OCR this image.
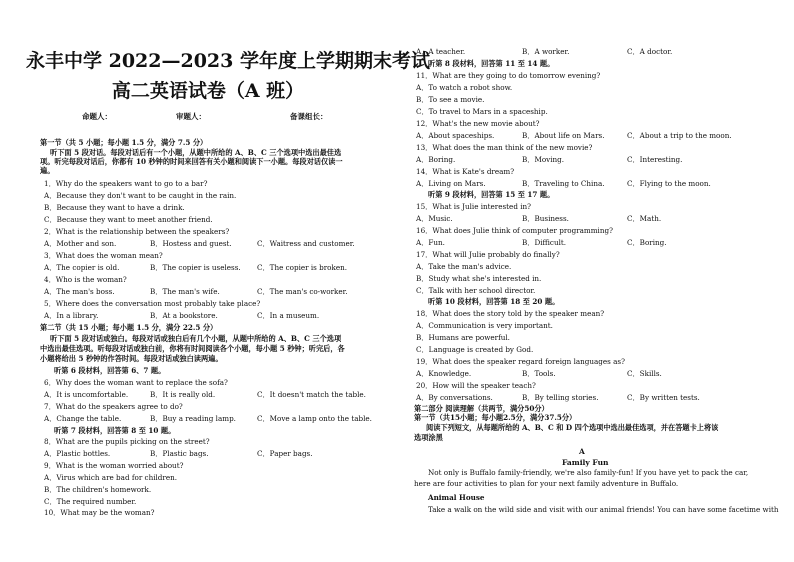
永丰中学 2022—2023 学年度上学期期末考试
高二英语试卷（A 班）
命题人：	审题人：	备课组长：
第一节（共 5 小题；每小题 1.5 分，满分 7.5 分）
听下面 5 段对话。每段对话后有一个小题，从题中所给的 A、B、C 三个选项中选出最佳选
项。听完每段对话后，你都有 10 秒钟的时间来回答有关小题和阅读下一小题。每段对话仅读一
遍。
1．Why do the speakers want to go to a bar?
A．Because they don't want to be caught in the rain.
B．Because they want to have a drink.
C．Because they want to meet another friend.
2．What is the relationship between the speakers?
A．Mother and son.	B．Hostess and guest.	C．Waitress and customer.
3．What does the woman mean?
A．The copier is old.	B．The copier is useless. C．The copier is broken.
4．Who is the woman?
A．The man's boss.	B．The man's wife.	C．The man's co-worker.
5．Where does the conversation most probably take place?
A．In a library.	B．At a bookstore.	C．In a museum.
第二节（共 15 小题；每小题 1.5 分，满分 22.5 分）
听下面 5 段对话或独白。每段对话或独白后有几个小题，从题中所给的 A、B、C 三个选项
中选出最佳选项。听每段对话或独白前，你将有时间阅读各个小题，每小题 5 秒钟；听完后，各
小题将给出 5 秒钟的作答时间。每段对话或独白读两遍。
听第 6 段材料，回答第 6、7 题。
6．Why does the woman want to replace the sofa?
A．It is uncomfortable.	B．It is really old.	C．It doesn't match the table.
7．What do the speakers agree to do?
A．Change the table.	B．Buy a reading lamp.	C．Move a lamp onto the table.
听第 7 段材料，回答第 8 至 10 题。
8．What are the pupils picking on the street?
A．Plastic bottles.	B．Plastic bags.	C．Paper bags.
9．What is the woman worried about?
A．Virus which are bad for children.
B．The children's homework.
C．The required number.
10．What may be the woman?
A．A teacher.	B．A worker.	C．A doctor.
听第 8 段材料，回答第 11 至 14 题。
11．What are they going to do tomorrow evening?
A．To watch a robot show.
B．To see a movie.
C．To travel to Mars in a spaceship.
12．What's the new movie about?
A．About spaceships.	B．About life on Mars.	C．About a trip to the moon.
13．What does the man think of the new movie?
A．Boring.	B．Moving.	C．Interesting.
14．What is Kate's dream?
A．Living on Mars.	B．Traveling to China.	C．Flying to the moon.
听第 9 段材料，回答第 15 至 17 题。
15．What is Julie interested in?
A．Music.	B．Business.	C．Math.
16．What does Julie think of computer programming?
A．Fun.	B．Difficult.	C．Boring.
17．What will Julie probably do finally?
A．Take the man's advice.
B．Study what she's interested in.
C．Talk with her school director.
听第 10 段材料，回答第 18 至 20 题。
18．What does the story told by the speaker mean?
A．Communication is very important.
B．Humans are powerful.
C．Language is created by God.
19．What does the speaker regard foreign languages as?
A．Knowledge.	B．Tools.	C．Skills.
20．How will the speaker teach?
A．By conversations.	B．By telling stories.	C．By written tests.
第二部分 阅读理解（共两节，满分50分）
第一节（共15小题；每小题2.5分，满分37.5分）
阅读下列短文，从每题所给的 A、B、C 和 D 四个选项中选出最佳选项，并在答题卡上将该
选项涂黑
A
Family Fun
Not only is Buffalo family-friendly, we're also family-fun! If you have yet to pack the car, here are four activities to plan for your next family adventure in Buffalo.
Animal House
Take a walk on the wild side and visit with our animal friends! You can have some facetime with
